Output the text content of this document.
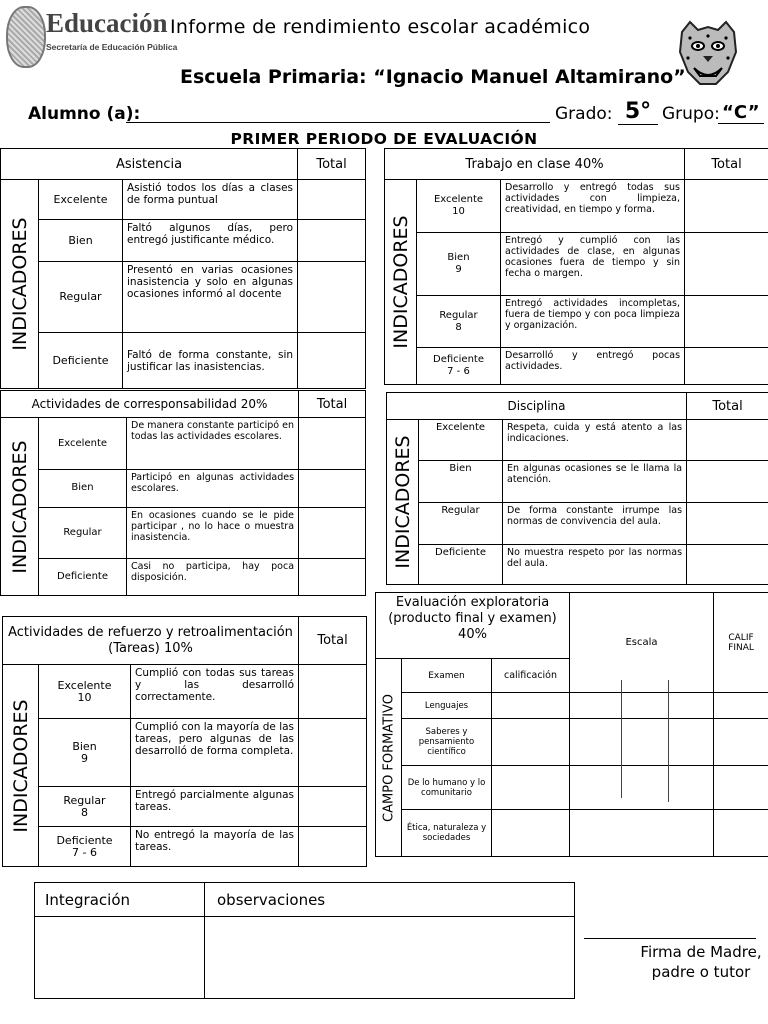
Educación
Secretaría de Educación Pública
Informe de rendimiento escolar académico
Escuela Primaria: “Ignacio Manuel Altamirano”
Alumno (a):	Grado: 5° Grupo: “C”
PRIMER PERIODO DE EVALUACIÓN
Asistencia			Total

INDICADORES	Excelente	Asistió todos los días a clases de forma puntual	
	Bien	Faltó algunos días, pero entregó justificante médico.	
	Regular	Presentó en varias ocasiones inasistencia y solo en algunas ocasiones informó al docente	
	Deficiente	Faltó de forma constante, sin justificar las inasistencias.	
Trabajo en clase 40%			Total

INDICADORES	Excelente
10	Desarrollo y entregó todas sus actividades con limpieza, creatividad, en tiempo y forma.	
	Bien
9	Entregó y cumplió con las actividades de clase, en algunas ocasiones fuera de tiempo y sin fecha o margen.	
	Regular
8	Entregó actividades incompletas, fuera de tiempo y con poca limpieza y organización.	
	Deficiente
7 - 6	Desarrolló y entregó pocas actividades.	
Actividades de corresponsabilidad 20%			Total

INDICADORES	Excelente	De manera constante participó en todas las actividades escolares.	
	Bien	Participó en algunas actividades escolares.	
	Regular	En ocasiones cuando se le pide participar , no lo hace o muestra inasistencia.	
	Deficiente	Casi no participa, hay poca disposición.	
Disciplina			Total

INDICADORES	Excelente	Respeta, cuida y está atento a las indicaciones.	
	Bien	En algunas ocasiones se le llama la atención.	
	Regular	De forma constante irrumpe las normas de convivencia del aula.	
	Deficiente	No muestra respeto por las normas del aula.	
Actividades de refuerzo y retroalimentación (Tareas) 10%			Total

INDICADORES	Excelente
10	Cumplió con todas sus tareas y las desarrolló correctamente.	
	Bien
9	Cumplió con la mayoría de las tareas, pero algunas de las desarrolló de forma completa.	
	Regular
8	Entregó parcialmente algunas tareas.	
	Deficiente
7 - 6	No entregó la mayoría de las tareas.	
Evaluación exploratoria (producto final y examen) 40%			Escala	CALIF FINAL

CAMPO FORMATIVO	Examen	calificación		
	Lenguajes			
	Saberes y pensamiento científico			
	De lo humano y lo comunitario			
	Ética, naturaleza y sociedades			
Integración	observaciones

Firma de Madre, padre o tutor
